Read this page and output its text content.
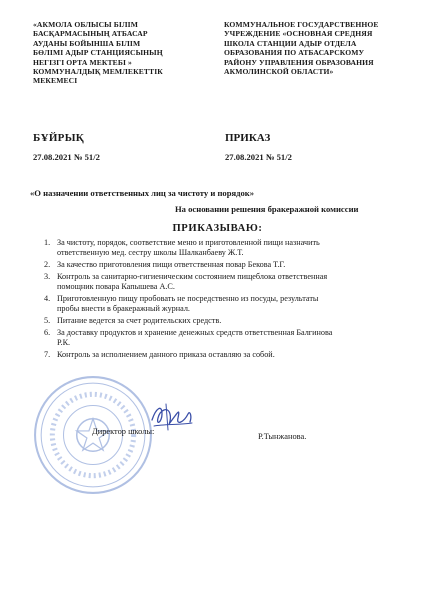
«АКМОЛА ОБЛЫСЫ БІЛІМ
БАСҚАРМАСЫНЫҢ АТБАСАР
АУДАНЫ БОЙЫНША БІЛІМ
БӨЛІМІ АДЫР СТАНЦИЯСЫНЫҢ
НЕГІЗГІ ОРТА МЕКТЕБІ »
КОММУНАЛДЫҚ МЕМЛЕКЕТТІК
МЕКЕМЕСІ
КОММУНАЛЬНОЕ ГОСУДАРСТВЕННОЕ
УЧРЕЖДЕНИЕ «ОСНОВНАЯ СРЕДНЯЯ
ШКОЛА СТАНЦИИ АДЫР ОТДЕЛА
ОБРАЗОВАНИЯ ПО АТБАСАРСКОМУ
РАЙОНУ УПРАВЛЕНИЯ ОБРАЗОВАНИЯ
АКМОЛИНСКОЙ ОБЛАСТИ»
БҰЙРЫҚ	ПРИКАЗ
27.08.2021 № 51/2	27.08.2021 № 51/2
«О назначении ответственных лиц за чистоту и порядок»
На основании решения бракеражной комиссии
ПРИКАЗЫВАЮ:
1. За чистоту, порядок, соответствие меню и приготовленной пищи назначить
ответственную мед. сестру школы Шалканбаеву Ж.Т.
2. За качество приготовления пищи ответственная повар Бекова Т.Г.
3. Контроль за санитарно-гигиеническим состоянием пищеблока ответственная
помощник повара Капышева А.С.
4. Приготовленную пищу пробовать не посредственно из посуды, результаты
пробы внести в бракеражный журнал.
5. Питание ведется за счет родительских средств.
6. За доставку продуктов и хранение денежных средств ответственная Балгинова
Р.К.
7. Контроль за исполнением данного приказа оставляю за собой.
Директор школы:
Р.Тынжанова.
